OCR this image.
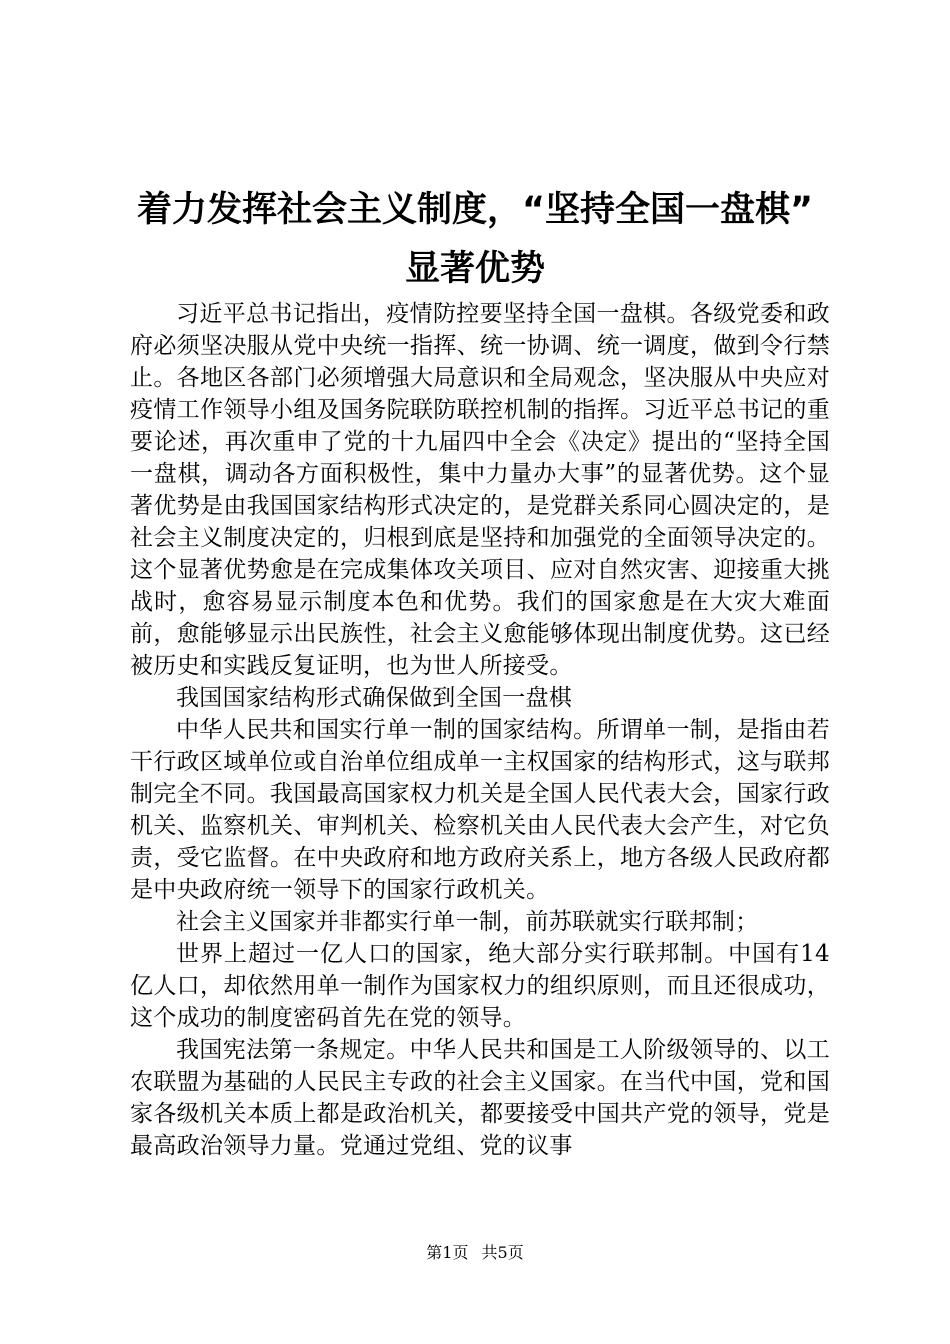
着力发挥社会主义制度，“坚持全国一盘棋”
显著优势

习近平总书记指出，疫情防控要坚持全国一盘棋。各级党委和政府必须坚决服从党中央统一指挥、统一协调、统一调度，做到令行禁止。各地区各部门必须增强大局意识和全局观念，坚决服从中央应对疫情工作领导小组及国务院联防联控机制的指挥。习近平总书记的重要论述，再次重申了党的十九届四中全会《决定》提出的“坚持全国一盘棋，调动各方面积极性，集中力量办大事”的显著优势。这个显著优势是由我国国家结构形式决定的，是党群关系同心圆决定的，是社会主义制度决定的，归根到底是坚持和加强党的全面领导决定的。这个显著优势愈是在完成集体攻关项目、应对自然灾害、迎接重大挑战时，愈容易显示制度本色和优势。我们的国家愈是在大灾大难面前，愈能够显示出民族性，社会主义愈能够体现出制度优势。这已经被历史和实践反复证明，也为世人所接受。

我国国家结构形式确保做到全国一盘棋

中华人民共和国实行单一制的国家结构。所谓单一制，是指由若干行政区域单位或自治单位组成单一主权国家的结构形式，这与联邦制完全不同。我国最高国家权力机关是全国人民代表大会，国家行政机关、监察机关、审判机关、检察机关由人民代表大会产生，对它负责，受它监督。在中央政府和地方政府关系上，地方各级人民政府都是中央政府统一领导下的国家行政机关。

社会主义国家并非都实行单一制，前苏联就实行联邦制；

世界上超过一亿人口的国家，绝大部分实行联邦制。中国有14亿人口，却依然用单一制作为国家权力的组织原则，而且还很成功，这个成功的制度密码首先在党的领导。

我国宪法第一条规定。中华人民共和国是工人阶级领导的、以工农联盟为基础的人民民主专政的社会主义国家。在当代中国，党和国家各级机关本质上都是政治机关，都要接受中国共产党的领导，党是最高政治领导力量。党通过党组、党的议事

第1页 共5页
